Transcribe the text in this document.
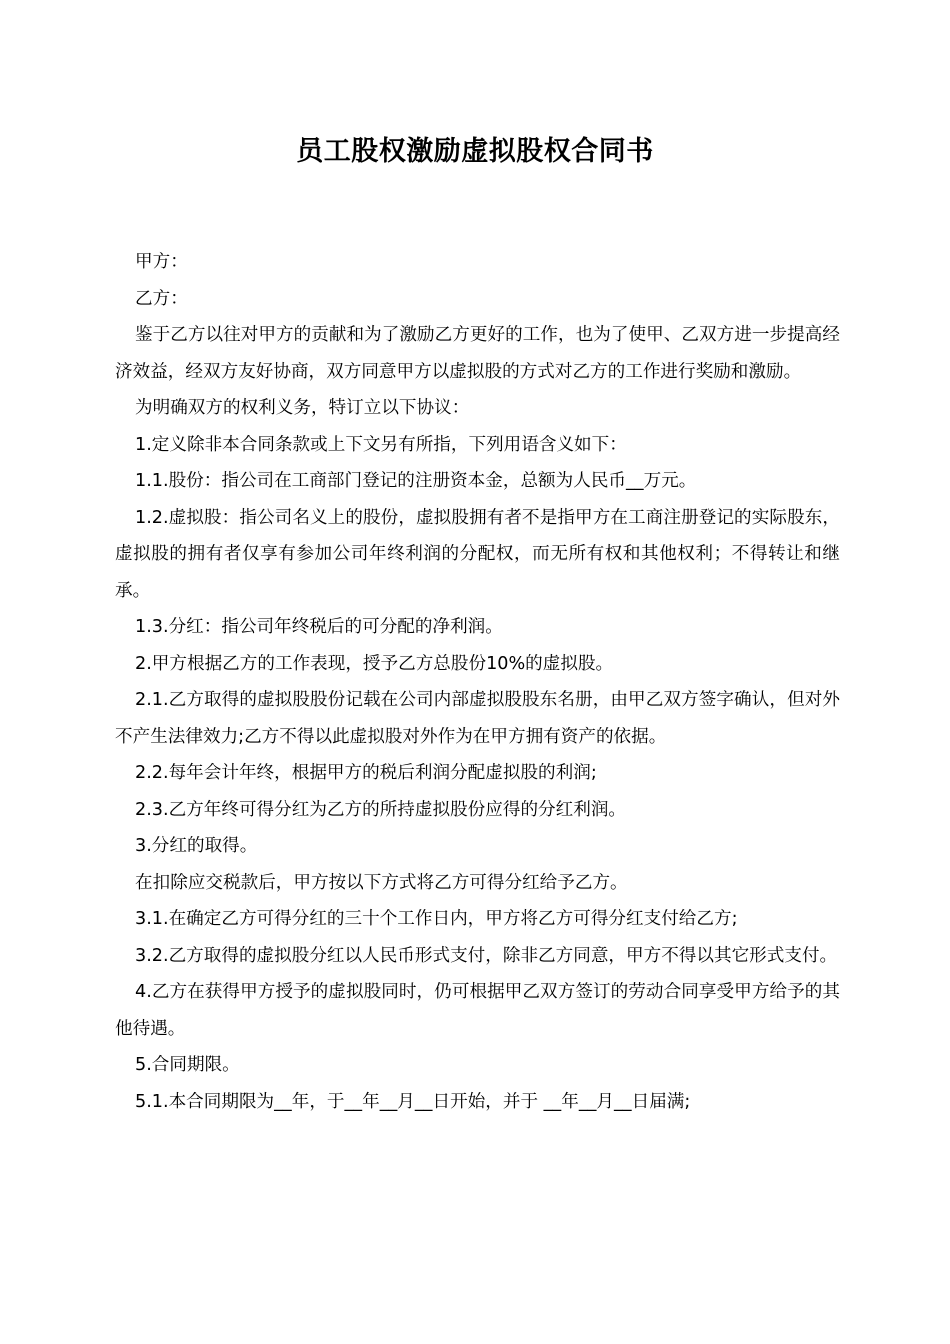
员工股权激励虚拟股权合同书

甲方：

乙方：

鉴于乙方以往对甲方的贡献和为了激励乙方更好的工作，也为了使甲、乙双方进一步提高经济效益，经双方友好协商，双方同意甲方以虚拟股的方式对乙方的工作进行奖励和激励。

为明确双方的权利义务，特订立以下协议：

1.定义除非本合同条款或上下文另有所指，下列用语含义如下：

1.1.股份：指公司在工商部门登记的注册资本金，总额为人民币__万元。

1.2.虚拟股：指公司名义上的股份，虚拟股拥有者不是指甲方在工商注册登记的实际股东，虚拟股的拥有者仅享有参加公司年终利润的分配权，而无所有权和其他权利；不得转让和继承。

1.3.分红：指公司年终税后的可分配的净利润。

2.甲方根据乙方的工作表现，授予乙方总股份10%的虚拟股。

2.1.乙方取得的虚拟股股份记载在公司内部虚拟股股东名册，由甲乙双方签字确认，但对外不产生法律效力;乙方不得以此虚拟股对外作为在甲方拥有资产的依据。

2.2.每年会计年终，根据甲方的税后利润分配虚拟股的利润;

2.3.乙方年终可得分红为乙方的所持虚拟股份应得的分红利润。

3.分红的取得。

在扣除应交税款后，甲方按以下方式将乙方可得分红给予乙方。

3.1.在确定乙方可得分红的三十个工作日内，甲方将乙方可得分红支付给乙方;

3.2.乙方取得的虚拟股分红以人民币形式支付，除非乙方同意，甲方不得以其它形式支付。

4.乙方在获得甲方授予的虚拟股同时，仍可根据甲乙双方签订的劳动合同享受甲方给予的其他待遇。

5.合同期限。

5.1.本合同期限为__年，于__年__月__日开始，并于 __年__月__日届满;
